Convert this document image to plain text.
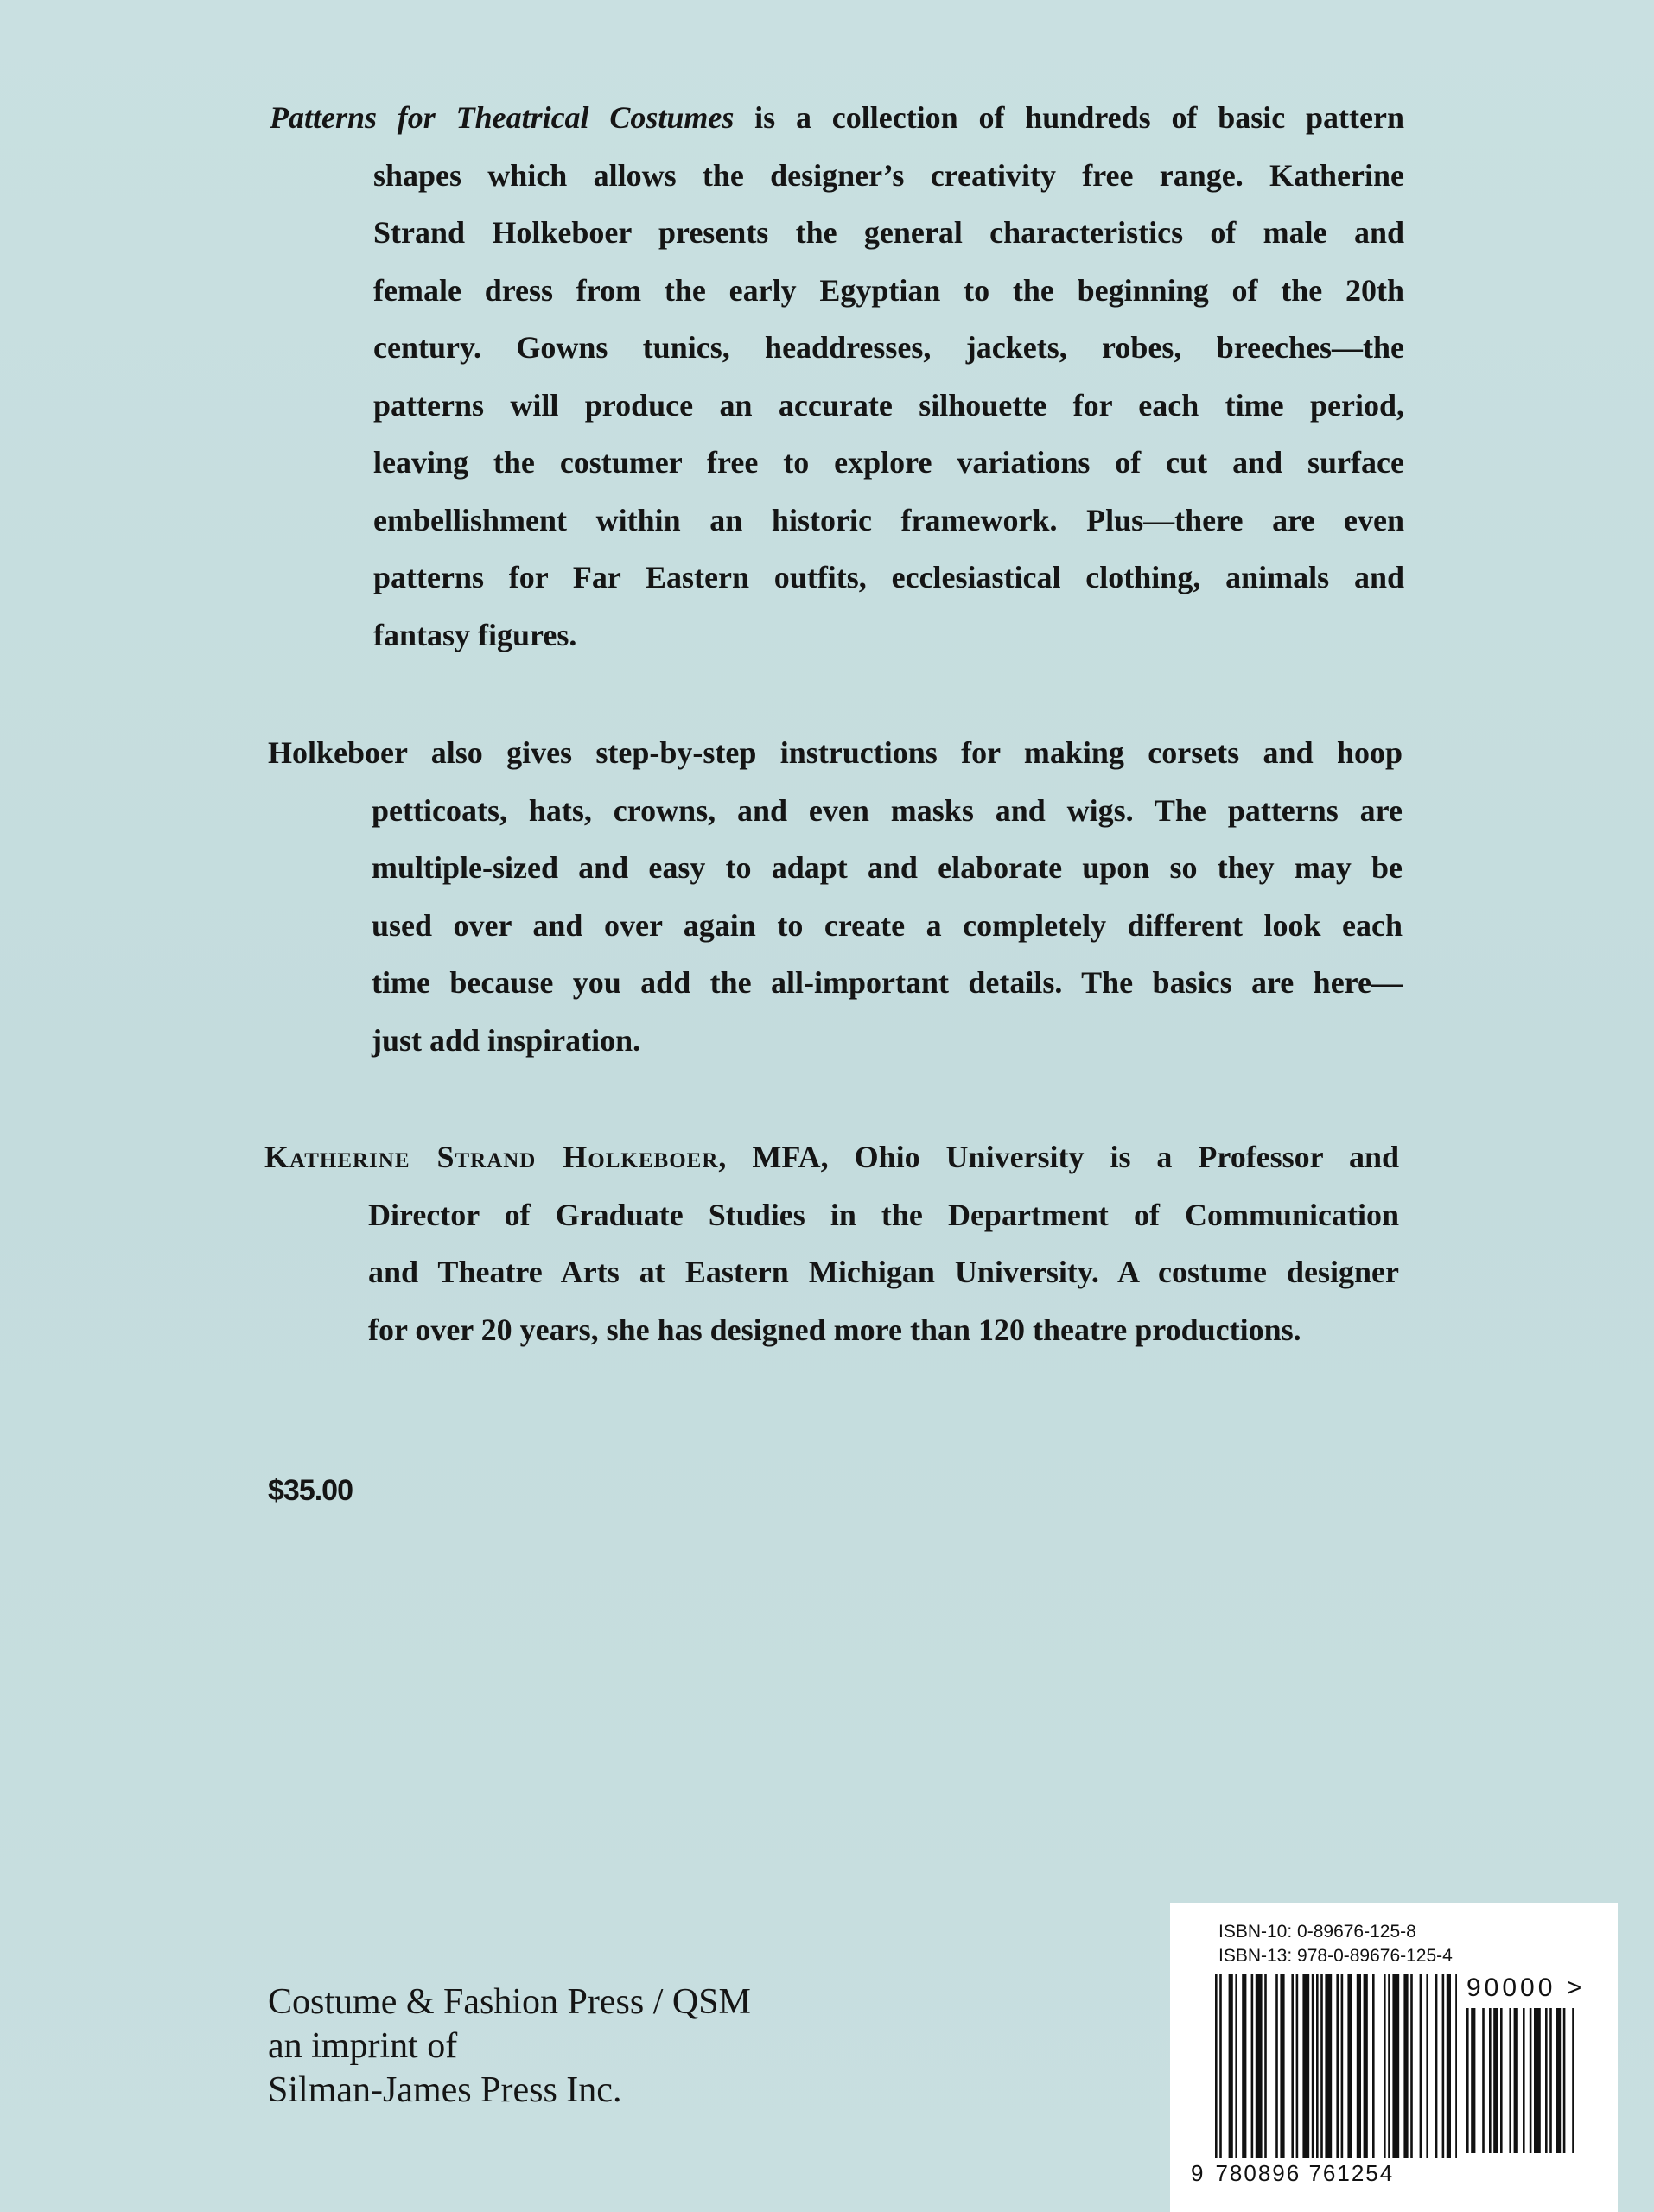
Patterns for Theatrical Costumes is a collection of hundreds of basic pattern
shapes which allows the designer’s creativity free range. Katherine
Strand Holkeboer presents the general characteristics of male and
female dress from the early Egyptian to the beginning of the 20th
century. Gowns tunics, headdresses, jackets, robes, breeches—the
patterns will produce an accurate silhouette for each time period,
leaving the costumer free to explore variations of cut and surface
embellishment within an historic framework. Plus—there are even
patterns for Far Eastern outfits, ecclesiastical clothing, animals and
fantasy figures.
Holkeboer also gives step-by-step instructions for making corsets and hoop
petticoats, hats, crowns, and even masks and wigs. The patterns are
multiple-sized and easy to adapt and elaborate upon so they may be
used over and over again to create a completely different look each
time because you add the all-important details. The basics are here—
just add inspiration.
Katherine Strand Holkeboer, MFA, Ohio University is a Professor and
Director of Graduate Studies in the Department of Communication
and Theatre Arts at Eastern Michigan University. A costume designer
for over 20 years, she has designed more than 120 theatre productions.
$35.00
Costume & Fashion Press / QSM
an imprint of
Silman-James Press Inc.
ISBN-10: 0-89676-125-8
ISBN-13: 978-0-89676-125-4
90000 >
9 780896 761254
